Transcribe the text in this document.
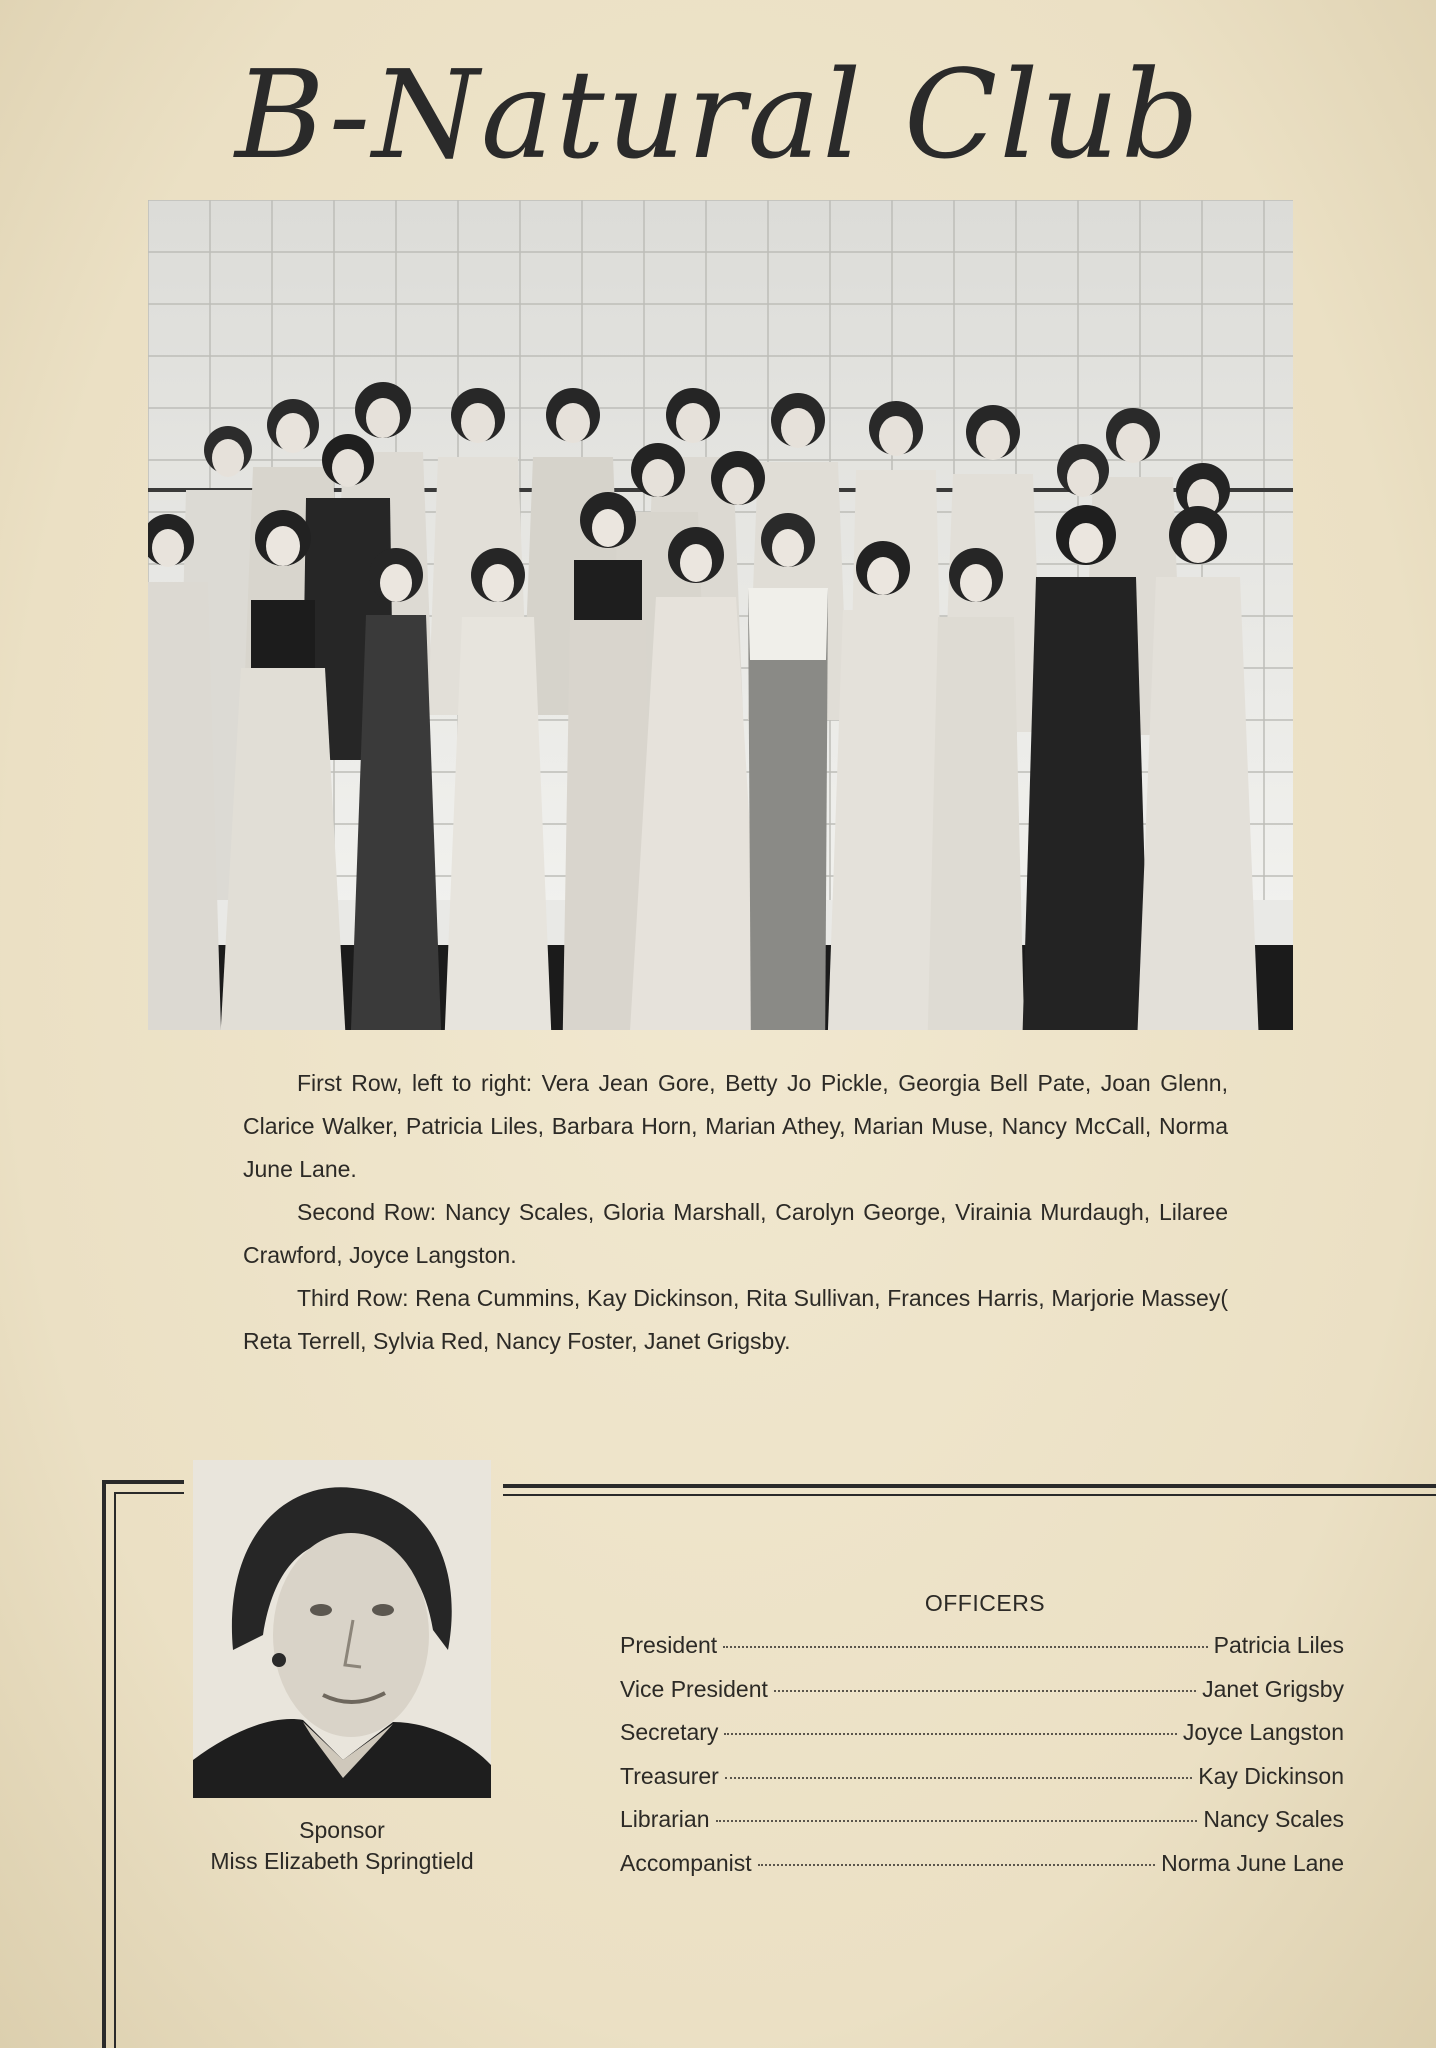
B-Natural Club

First Row, left to right: Vera Jean Gore, Betty Jo Pickle, Georgia Bell Pate, Joan Glenn, Clarice Walker, Patricia Liles, Barbara Horn, Marian Athey, Marian Muse, Nancy McCall, Norma June Lane.

Second Row: Nancy Scales, Gloria Marshall, Carolyn George, Virainia Murdaugh, Lilaree Crawford, Joyce Langston.

Third Row: Rena Cummins, Kay Dickinson, Rita Sullivan, Frances Harris, Marjorie Massey( Reta Terrell, Sylvia Red, Nancy Foster, Janet Grigsby.

Sponsor
Miss Elizabeth Springtield
OFFICERS
President	Patricia Liles
Vice President	Janet Grigsby
Secretary	Joyce Langston
Treasurer	Kay Dickinson
Librarian	Nancy Scales
Accompanist	Norma June Lane
